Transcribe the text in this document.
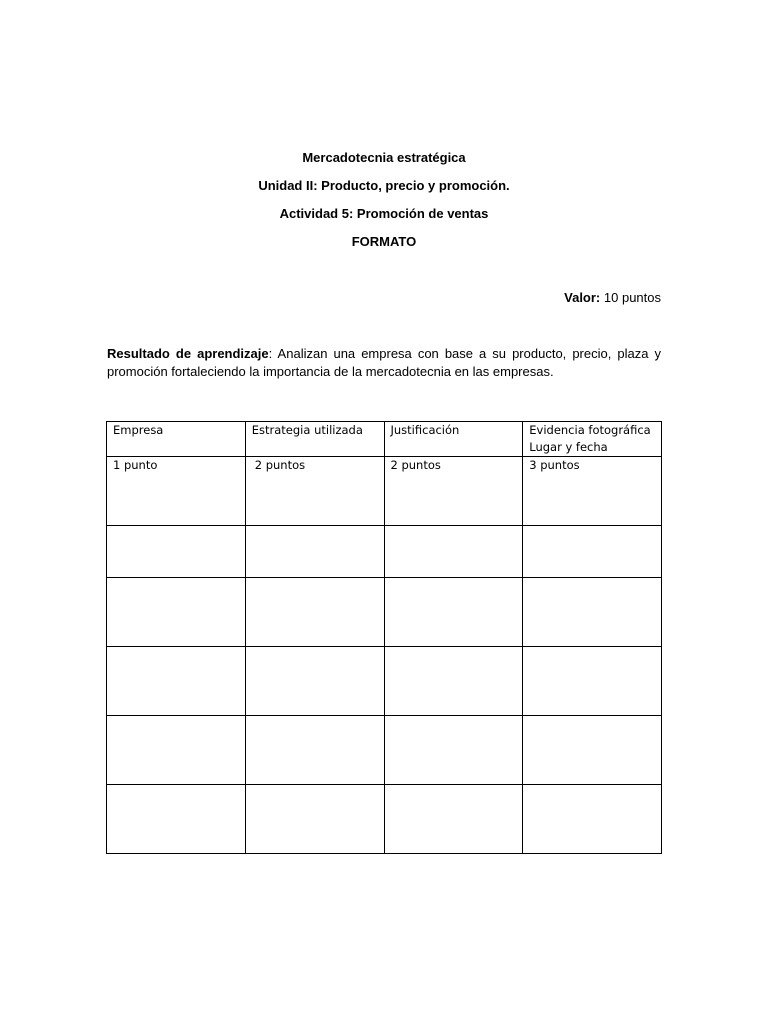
Mercadotecnia estratégica
Unidad II: Producto, precio y promoción.
Actividad 5: Promoción de ventas
FORMATO
Valor: 10 puntos
Resultado de aprendizaje: Analizan una empresa con base a su producto, precio, plaza y promoción fortaleciendo la importancia de la mercadotecnia en las empresas.
Empresa	Estrategia utilizada	Justificación	Evidencia fotográfica
Lugar y fecha
1 punto	2 puntos	2 puntos	3 puntos
